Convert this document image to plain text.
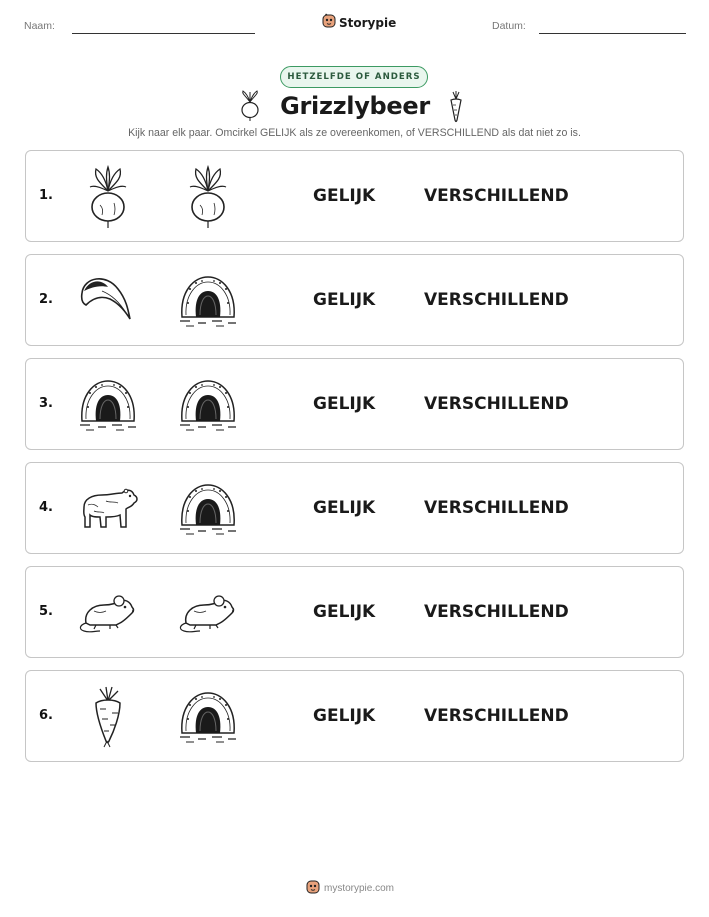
Naam:	Storypie	Datum:
HETZELFDE OF ANDERS
Grizzlybeer
Kijk naar elk paar. Omcirkel GELIJK als ze overeenkomen, of VERSCHILLEND als dat niet zo is.
1.	GELIJK	VERSCHILLEND
2.	GELIJK	VERSCHILLEND
3.	GELIJK	VERSCHILLEND
4.	GELIJK	VERSCHILLEND
5.	GELIJK	VERSCHILLEND
6.	GELIJK	VERSCHILLEND
mystorypie.com
